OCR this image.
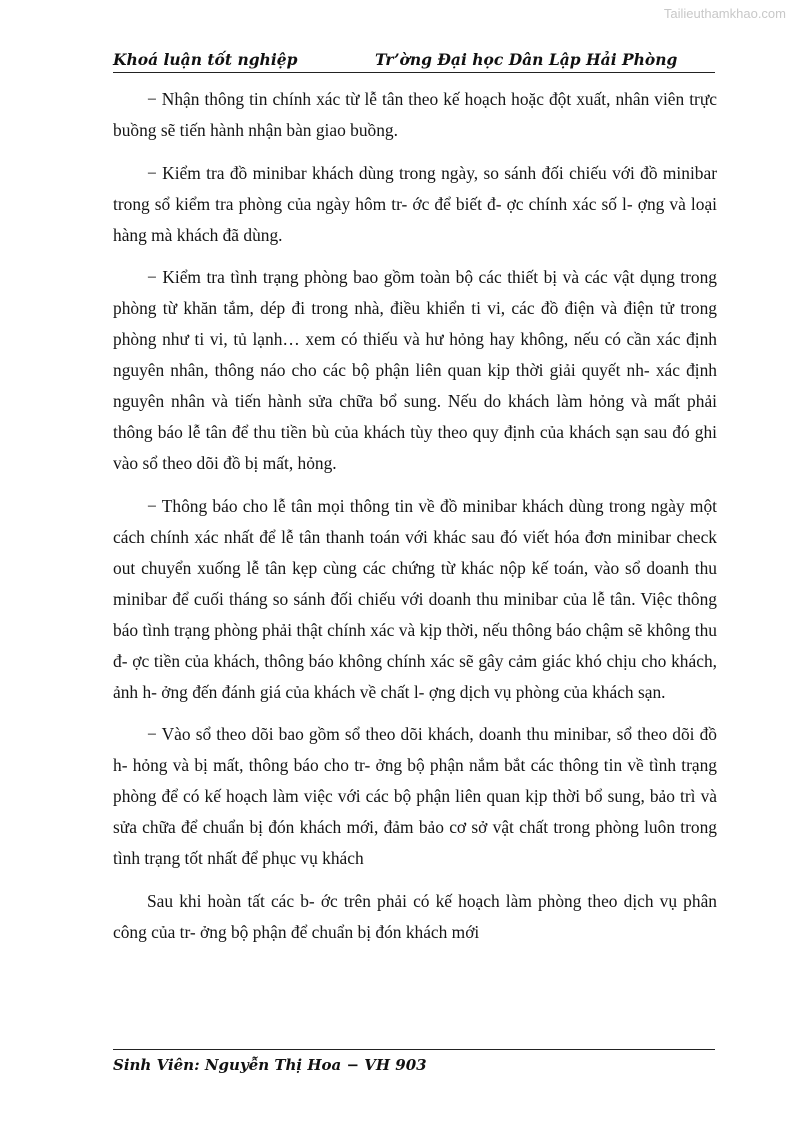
Tailieuthamkhao.com
Khoá luận tốt nghiệp	Tr’ờng Đại học Dân Lập Hải Phòng

− Nhận thông tin chính xác từ lễ tân theo kế hoạch hoặc đột xuất, nhân viên trực buồng sẽ tiến hành nhận bàn giao buồng.

− Kiểm tra đồ minibar khách dùng trong ngày, so sánh đối chiếu với đồ minibar trong sổ kiểm tra phòng của ngày hôm tr- ớc để biết đ- ợc chính xác số l- ợng và loại hàng mà khách đã dùng.

− Kiểm tra tình trạng phòng bao gồm toàn bộ các thiết bị và các vật dụng trong phòng từ khăn tắm, dép đi trong nhà, điều khiển ti vi, các đồ điện và điện tử trong phòng như ti vi, tủ lạnh… xem có thiếu và hư hỏng hay không, nếu có cần xác định nguyên nhân, thông náo cho các bộ phận liên quan kịp thời giải quyết nh- xác định nguyên nhân và tiến hành sửa chữa bổ sung. Nếu do khách làm hỏng và mất phải thông báo lễ tân để thu tiền bù của khách tùy theo quy định của khách sạn sau đó ghi vào sổ theo dõi đồ bị mất, hỏng.

− Thông báo cho lễ tân mọi thông tin về đồ minibar khách dùng trong ngày một cách chính xác nhất để lễ tân thanh toán với khác sau đó viết hóa đơn minibar check out chuyển xuống lễ tân kẹp cùng các chứng từ khác nộp kế toán, vào sổ doanh thu minibar để cuối tháng so sánh đối chiếu với doanh thu minibar của lễ tân. Việc thông báo tình trạng phòng phải thật chính xác và kịp thời, nếu thông báo chậm sẽ không thu đ- ợc tiền của khách, thông báo không chính xác sẽ gây cảm giác khó chịu cho khách, ảnh h- ởng đến đánh giá của khách về chất l- ợng dịch vụ phòng của khách sạn.

− Vào sổ theo dõi bao gồm sổ theo dõi khách, doanh thu minibar, sổ theo dõi đồ h- hỏng và bị mất, thông báo cho tr- ởng bộ phận nắm bắt các thông tin về tình trạng phòng để có kế hoạch làm việc với các bộ phận liên quan kịp thời bổ sung, bảo trì và sửa chữa để chuẩn bị đón khách mới, đảm bảo cơ sở vật chất trong phòng luôn trong tình trạng tốt nhất để phục vụ khách

Sau khi hoàn tất các b- ớc trên phải có kế hoạch làm phòng theo dịch vụ phân công của tr- ởng bộ phận để chuẩn bị đón khách mới

Sinh Viên: Nguyễn Thị Hoa − VH 903
